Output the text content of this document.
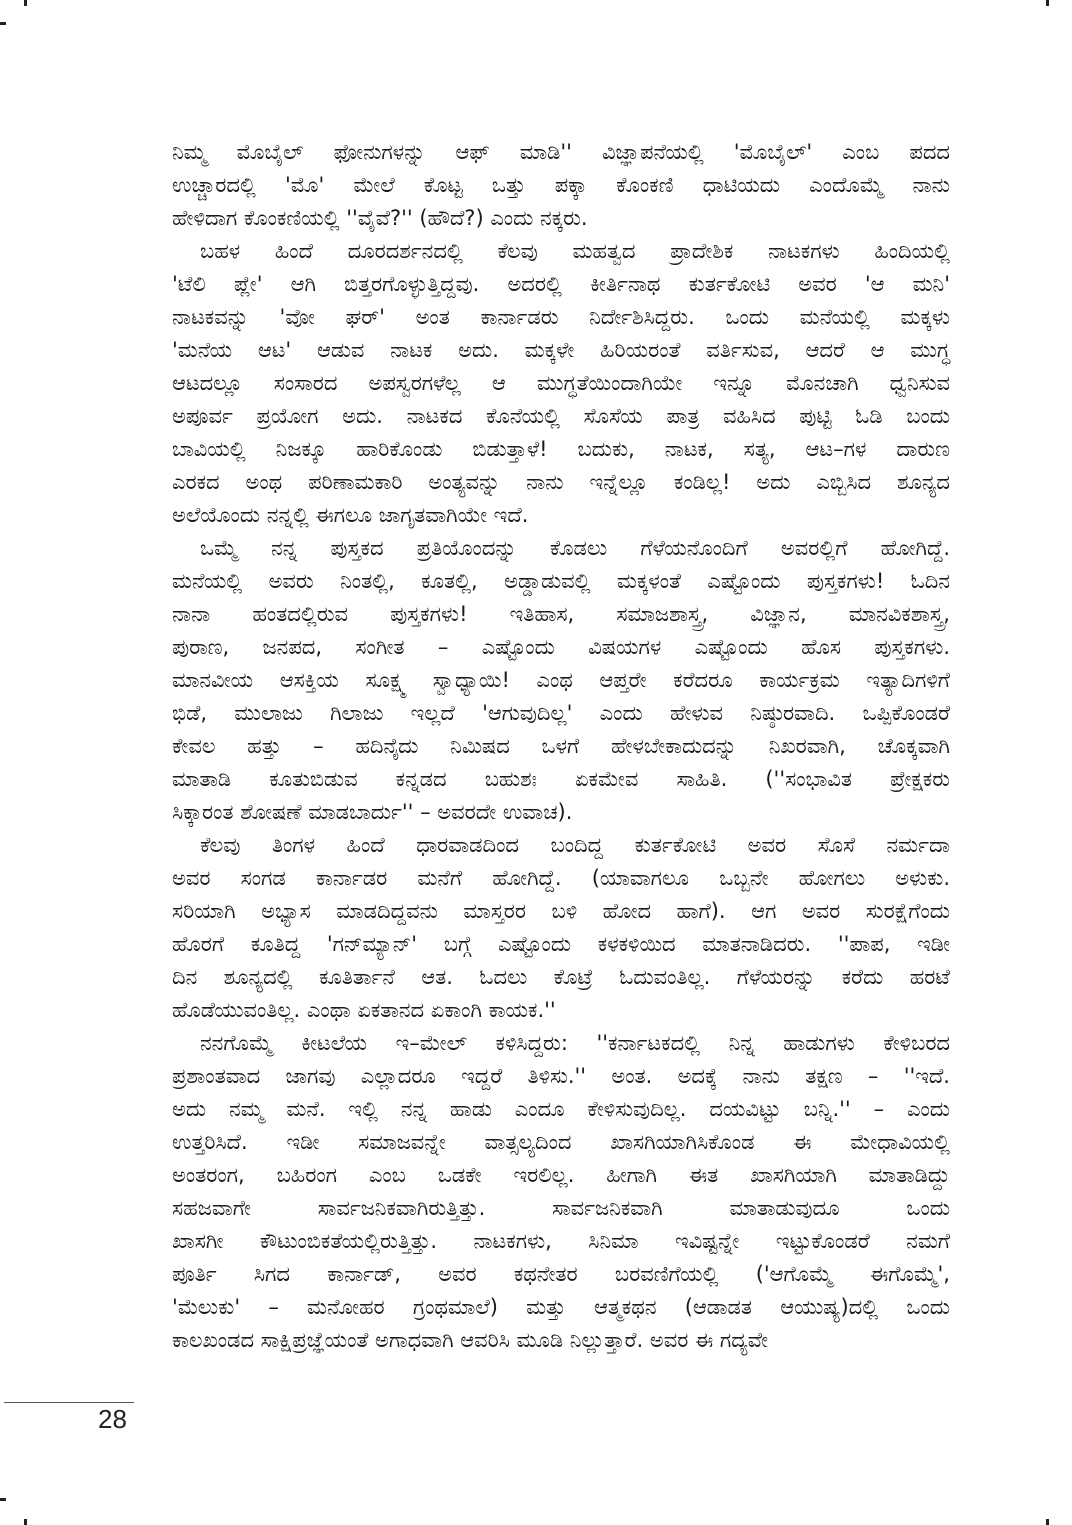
ನಿಮ್ಮ ಮೊಬೈಲ್ ಫೋನುಗಳನ್ನು ಆಫ್ ಮಾಡಿ'' ವಿಜ್ಞಾಪನೆಯಲ್ಲಿ 'ಮೊಬೈಲ್' ಎಂಬ ಪದದ
ಉಚ್ಚಾರದಲ್ಲಿ 'ಮೊ' ಮೇಲೆ ಕೊಟ್ಟ ಒತ್ತು ಪಕ್ಕಾ ಕೊಂಕಣಿ ಧಾಟಿಯದು ಎಂದೊಮ್ಮೆ ನಾನು
ಹೇಳಿದಾಗ ಕೊಂಕಣಿಯಲ್ಲಿ ''ವೈವೆ?'' (ಹೌದೆ?) ಎಂದು ನಕ್ಕರು.
ಬಹಳ ಹಿಂದೆ ದೂರದರ್ಶನದಲ್ಲಿ ಕೆಲವು ಮಹತ್ವದ ಪ್ರಾದೇಶಿಕ ನಾಟಕಗಳು ಹಿಂದಿಯಲ್ಲಿ
'ಟೆಲಿ ಪ್ಲೇ' ಆಗಿ ಬಿತ್ತರಗೊಳ್ಳುತ್ತಿದ್ದವು. ಅದರಲ್ಲಿ ಕೀರ್ತಿನಾಥ ಕುರ್ತಕೋಟಿ ಅವರ 'ಆ ಮನಿ'
ನಾಟಕವನ್ನು 'ವೋ ಘರ್' ಅಂತ ಕಾರ್ನಾಡರು ನಿರ್ದೇಶಿಸಿದ್ದರು. ಒಂದು ಮನೆಯಲ್ಲಿ ಮಕ್ಕಳು
'ಮನೆಯ ಆಟ' ಆಡುವ ನಾಟಕ ಅದು. ಮಕ್ಕಳೇ ಹಿರಿಯರಂತೆ ವರ್ತಿಸುವ, ಆದರೆ ಆ ಮುಗ್ಧ
ಆಟದಲ್ಲೂ ಸಂಸಾರದ ಅಪಸ್ವರಗಳೆಲ್ಲ ಆ ಮುಗ್ಧತೆಯಿಂದಾಗಿಯೇ ಇನ್ನೂ ಮೊನಚಾಗಿ ಧ್ವನಿಸುವ
ಅಪೂರ್ವ ಪ್ರಯೋಗ ಅದು. ನಾಟಕದ ಕೊನೆಯಲ್ಲಿ ಸೊಸೆಯ ಪಾತ್ರ ವಹಿಸಿದ ಪುಟ್ಟಿ ಓಡಿ ಬಂದು
ಬಾವಿಯಲ್ಲಿ ನಿಜಕ್ಕೂ ಹಾರಿಕೊಂಡು ಬಿಡುತ್ತಾಳೆ! ಬದುಕು, ನಾಟಕ, ಸತ್ಯ, ಆಟ–ಗಳ ದಾರುಣ
ಎರಕದ ಅಂಥ ಪರಿಣಾಮಕಾರಿ ಅಂತ್ಯವನ್ನು ನಾನು ಇನ್ನೆಲ್ಲೂ ಕಂಡಿಲ್ಲ! ಅದು ಎಬ್ಬಿಸಿದ ಶೂನ್ಯದ
ಅಲೆಯೊಂದು ನನ್ನಲ್ಲಿ ಈಗಲೂ ಜಾಗೃತವಾಗಿಯೇ ಇದೆ.
ಒಮ್ಮೆ ನನ್ನ ಪುಸ್ತಕದ ಪ್ರತಿಯೊಂದನ್ನು ಕೊಡಲು ಗೆಳೆಯನೊಂದಿಗೆ ಅವರಲ್ಲಿಗೆ ಹೋಗಿದ್ದೆ.
ಮನೆಯಲ್ಲಿ ಅವರು ನಿಂತಲ್ಲಿ, ಕೂತಲ್ಲಿ, ಅಡ್ಡಾಡುವಲ್ಲಿ ಮಕ್ಕಳಂತೆ ಎಷ್ಟೊಂದು ಪುಸ್ತಕಗಳು! ಓದಿನ
ನಾನಾ ಹಂತದಲ್ಲಿರುವ ಪುಸ್ತಕಗಳು! ಇತಿಹಾಸ, ಸಮಾಜಶಾಸ್ತ್ರ, ವಿಜ್ಞಾನ, ಮಾನವಿಕಶಾಸ್ತ್ರ,
ಪುರಾಣ, ಜನಪದ, ಸಂಗೀತ – ಎಷ್ಟೊಂದು ವಿಷಯಗಳ ಎಷ್ಟೊಂದು ಹೊಸ ಪುಸ್ತಕಗಳು.
ಮಾನವೀಯ ಆಸಕ್ತಿಯ ಸೂಕ್ಷ್ಮ ಸ್ವಾಧ್ಯಾಯಿ! ಎಂಥ ಆಪ್ತರೇ ಕರೆದರೂ ಕಾರ್ಯಕ್ರಮ ಇತ್ಯಾದಿಗಳಿಗೆ
ಭಿಡೆ, ಮುಲಾಜು ಗಿಲಾಜು ಇಲ್ಲದೆ 'ಆಗುವುದಿಲ್ಲ' ಎಂದು ಹೇಳುವ ನಿಷ್ಠುರವಾದಿ. ಒಪ್ಪಿಕೊಂಡರೆ
ಕೇವಲ ಹತ್ತು – ಹದಿನೈದು ನಿಮಿಷದ ಒಳಗೆ ಹೇಳಬೇಕಾದುದನ್ನು ನಿಖರವಾಗಿ, ಚೊಕ್ಕವಾಗಿ
ಮಾತಾಡಿ ಕೂತುಬಿಡುವ ಕನ್ನಡದ ಬಹುಶಃ ಏಕಮೇವ ಸಾಹಿತಿ. (''ಸಂಭಾವಿತ ಪ್ರೇಕ್ಷಕರು
ಸಿಕ್ಕಾರಂತ ಶೋಷಣೆ ಮಾಡಬಾರ್ದು'' – ಅವರದೇ ಉವಾಚ).
ಕೆಲವು ತಿಂಗಳ ಹಿಂದೆ ಧಾರವಾಡದಿಂದ ಬಂದಿದ್ದ ಕುರ್ತಕೋಟಿ ಅವರ ಸೊಸೆ ನರ್ಮದಾ
ಅವರ ಸಂಗಡ ಕಾರ್ನಾಡರ ಮನೆಗೆ ಹೋಗಿದ್ದೆ. (ಯಾವಾಗಲೂ ಒಬ್ಬನೇ ಹೋಗಲು ಅಳುಕು.
ಸರಿಯಾಗಿ ಅಭ್ಯಾಸ ಮಾಡದಿದ್ದವನು ಮಾಸ್ತರರ ಬಳಿ ಹೋದ ಹಾಗೆ). ಆಗ ಅವರ ಸುರಕ್ಷೆಗೆಂದು
ಹೊರಗೆ ಕೂತಿದ್ದ 'ಗನ್‌ಮ್ಯಾನ್' ಬಗ್ಗೆ ಎಷ್ಟೊಂದು ಕಳಕಳಿಯಿದ ಮಾತನಾಡಿದರು. ''ಪಾಪ, ಇಡೀ
ದಿನ ಶೂನ್ಯದಲ್ಲಿ ಕೂತಿರ್ತಾನೆ ಆತ. ಓದಲು ಕೊಟ್ರೆ ಓದುವಂತಿಲ್ಲ. ಗೆಳೆಯರನ್ನು ಕರೆದು ಹರಟೆ
ಹೊಡೆಯುವಂತಿಲ್ಲ. ಎಂಥಾ ಏಕತಾನದ ಏಕಾಂಗಿ ಕಾಯಕ.''
ನನಗೊಮ್ಮೆ ಕೀಟಲೆಯ ಇ–ಮೇಲ್ ಕಳಿಸಿದ್ದರು: ''ಕರ್ನಾಟಕದಲ್ಲಿ ನಿನ್ನ ಹಾಡುಗಳು ಕೇಳಿಬರದ
ಪ್ರಶಾಂತವಾದ ಜಾಗವು ಎಲ್ಲಾದರೂ ಇದ್ದರೆ ತಿಳಿಸು.'' ಅಂತ. ಅದಕ್ಕೆ ನಾನು ತಕ್ಷಣ – ''ಇದೆ.
ಅದು ನಮ್ಮ ಮನೆ. ಇಲ್ಲಿ ನನ್ನ ಹಾಡು ಎಂದೂ ಕೇಳಿಸುವುದಿಲ್ಲ. ದಯವಿಟ್ಟು ಬನ್ನಿ.'' – ಎಂದು
ಉತ್ತರಿಸಿದೆ. ಇಡೀ ಸಮಾಜವನ್ನೇ ವಾತ್ಸಲ್ಯದಿಂದ ಖಾಸಗಿಯಾಗಿಸಿಕೊಂಡ ಈ ಮೇಧಾವಿಯಲ್ಲಿ
ಅಂತರಂಗ, ಬಹಿರಂಗ ಎಂಬ ಒಡಕೇ ಇರಲಿಲ್ಲ. ಹೀಗಾಗಿ ಈತ ಖಾಸಗಿಯಾಗಿ ಮಾತಾಡಿದ್ದು
ಸಹಜವಾಗೇ ಸಾರ್ವಜನಿಕವಾಗಿರುತ್ತಿತ್ತು. ಸಾರ್ವಜನಿಕವಾಗಿ ಮಾತಾಡುವುದೂ ಒಂದು
ಖಾಸಗೀ ಕೌಟುಂಬಿಕತೆಯಲ್ಲಿರುತ್ತಿತ್ತು. ನಾಟಕಗಳು, ಸಿನಿಮಾ ಇವಿಷ್ಟನ್ನೇ ಇಟ್ಟುಕೊಂಡರೆ ನಮಗೆ
ಪೂರ್ತಿ ಸಿಗದ ಕಾರ್ನಾಡ್, ಅವರ ಕಥನೇತರ ಬರವಣಿಗೆಯಲ್ಲಿ ('ಆಗೊಮ್ಮೆ ಈಗೊಮ್ಮೆ',
'ಮೆಲುಕು' – ಮನೋಹರ ಗ್ರಂಥಮಾಲೆ) ಮತ್ತು ಆತ್ಮಕಥನ (ಆಡಾಡತ ಆಯುಷ್ಯ)ದಲ್ಲಿ ಒಂದು
ಕಾಲಖಂಡದ ಸಾಕ್ಷಿಪ್ರಜ್ಞೆಯಂತೆ ಅಗಾಧವಾಗಿ ಆವರಿಸಿ ಮೂಡಿ ನಿಲ್ಲುತ್ತಾರೆ. ಅವರ ಈ ಗದ್ಯವೇ
28
